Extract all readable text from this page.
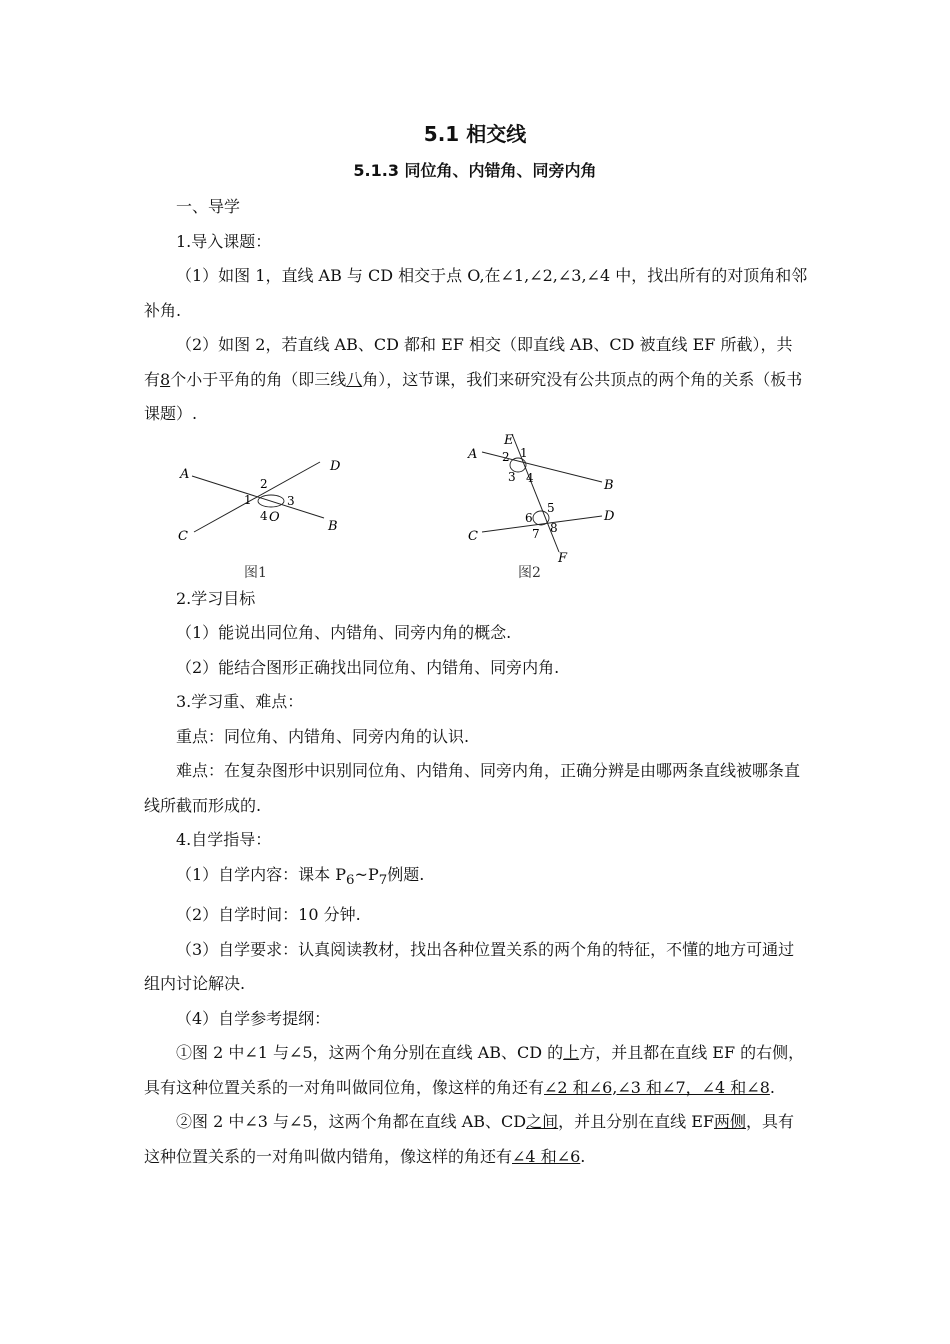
5.1 相交线
5.1.3 同位角、内错角、同旁内角

一、导学

1.导入课题：

（1）如图 1，直线 AB 与 CD 相交于点 O,在∠1,∠2,∠3,∠4 中，找出所有的对顶角和邻补角.

（2）如图 2，若直线 AB、CD 都和 EF 相交（即直线 AB、CD 被直线 EF 所截），共有8个小于平角的角（即三线八角），这节课，我们来研究没有公共顶点的两个角的关系（板书课题）.

A
D
C
B
O
1
2
3
4
图1
E
A
B
D
C
F
1
2
3 4
5
6
7 8
图2

2.学习目标

（1）能说出同位角、内错角、同旁内角的概念.

（2）能结合图形正确找出同位角、内错角、同旁内角.

3.学习重、难点：

重点：同位角、内错角、同旁内角的认识.

难点：在复杂图形中识别同位角、内错角、同旁内角，正确分辨是由哪两条直线被哪条直线所截而形成的.

4.自学指导：

（1）自学内容：课本 $P_6\sim P_7$例题.

（2）自学时间：10 分钟.

（3）自学要求：认真阅读教材，找出各种位置关系的两个角的特征，不懂的地方可通过组内讨论解决.

（4）自学参考提纲：

①图 2 中∠1 与∠5，这两个角分别在直线 AB、CD 的上方，并且都在直线 EF 的右侧，具有这种位置关系的一对角叫做同位角，像这样的角还有∠2 和∠6,∠3 和∠7，∠4 和∠8.

②图 2 中∠3 与∠5，这两个角都在直线 AB、CD之间，并且分别在直线 EF两侧，具有这种位置关系的一对角叫做内错角，像这样的角还有∠4 和∠6.
